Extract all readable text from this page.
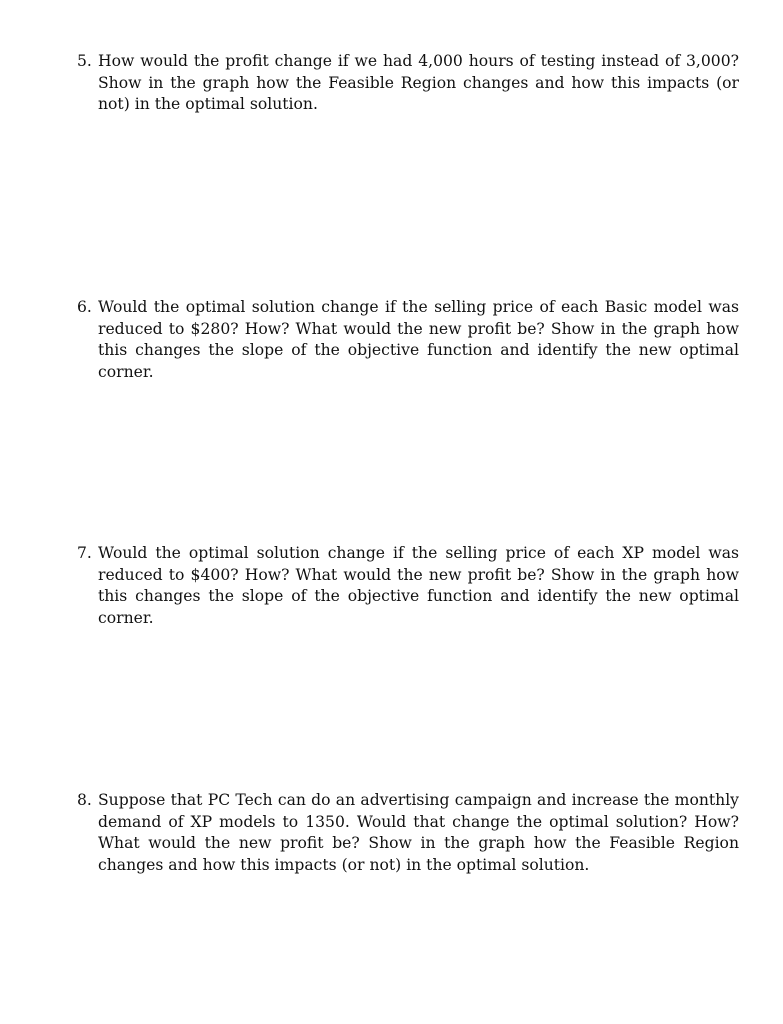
5. How would the profit change if we had 4,000 hours of testing instead of 3,000? Show in the graph how the Feasible Region changes and how this impacts (or not) in the optimal solution.
6. Would the optimal solution change if the selling price of each Basic model was reduced to $280? How? What would the new profit be? Show in the graph how this changes the slope of the objective function and identify the new optimal corner.
7. Would the optimal solution change if the selling price of each XP model was reduced to $400? How? What would the new profit be? Show in the graph how this changes the slope of the objective function and identify the new optimal corner.
8. Suppose that PC Tech can do an advertising campaign and increase the monthly demand of XP models to 1350. Would that change the optimal solution? How? What would the new profit be? Show in the graph how the Feasible Region changes and how this impacts (or not) in the optimal solution.
